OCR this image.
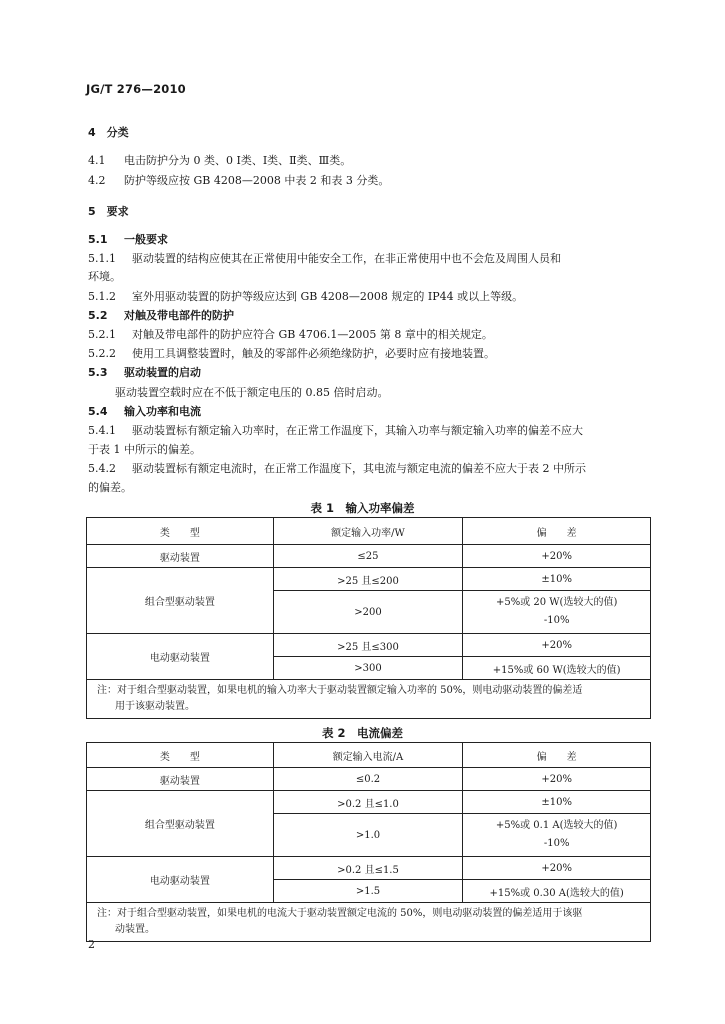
JG/T 276—2010
4　分类
4.1 电击防护分为 0 类、0 Ⅰ类、Ⅰ类、Ⅱ类、Ⅲ类。
4.2 防护等级应按 GB 4208—2008 中表 2 和表 3 分类。
5　要求
5.1 一般要求
5.1.1 驱动装置的结构应使其在正常使用中能安全工作，在非正常使用中也不会危及周围人员和
环境。
5.1.2 室外用驱动装置的防护等级应达到 GB 4208—2008 规定的 IP44 或以上等级。
5.2 对触及带电部件的防护
5.2.1 对触及带电部件的防护应符合 GB 4706.1—2005 第 8 章中的相关规定。
5.2.2 使用工具调整装置时，触及的零部件必须绝缘防护，必要时应有接地装置。
5.3 驱动装置的启动
驱动装置空载时应在不低于额定电压的 0.85 倍时启动。
5.4 输入功率和电流
5.4.1 驱动装置标有额定输入功率时，在正常工作温度下，其输入功率与额定输入功率的偏差不应大
于表 1 中所示的偏差。
5.4.2 驱动装置标有额定电流时，在正常工作温度下，其电流与额定电流的偏差不应大于表 2 中所示
的偏差。
表 1　输入功率偏差
类　　型	额定输入功率/W	偏　　差
驱动装置	≤25	+20%
组合型驱动装置	>25 且≤200	±10%
	>200	+5%或 20 W(选较大的值)
-10%

电动驱动装置	>25 且≤300	+20%
	>300	+15%或 60 W(选较大的值)

注：对于组合型驱动装置，如果电机的输入功率大于驱动装置额定输入功率的 50%，则电动驱动装置的偏差适
用于该驱动装置。		
表 2　电流偏差
类　　型	额定输入电流/A	偏　　差
驱动装置	≤0.2	+20%
组合型驱动装置	>0.2 且≤1.0	±10%
	>1.0	+5%或 0.1 A(选较大的值)
-10%

电动驱动装置	>0.2 且≤1.5	+20%
	>1.5	+15%或 0.30 A(选较大的值)

注：对于组合型驱动装置，如果电机的电流大于驱动装置额定电流的 50%，则电动驱动装置的偏差适用于该驱
动装置。		
2
